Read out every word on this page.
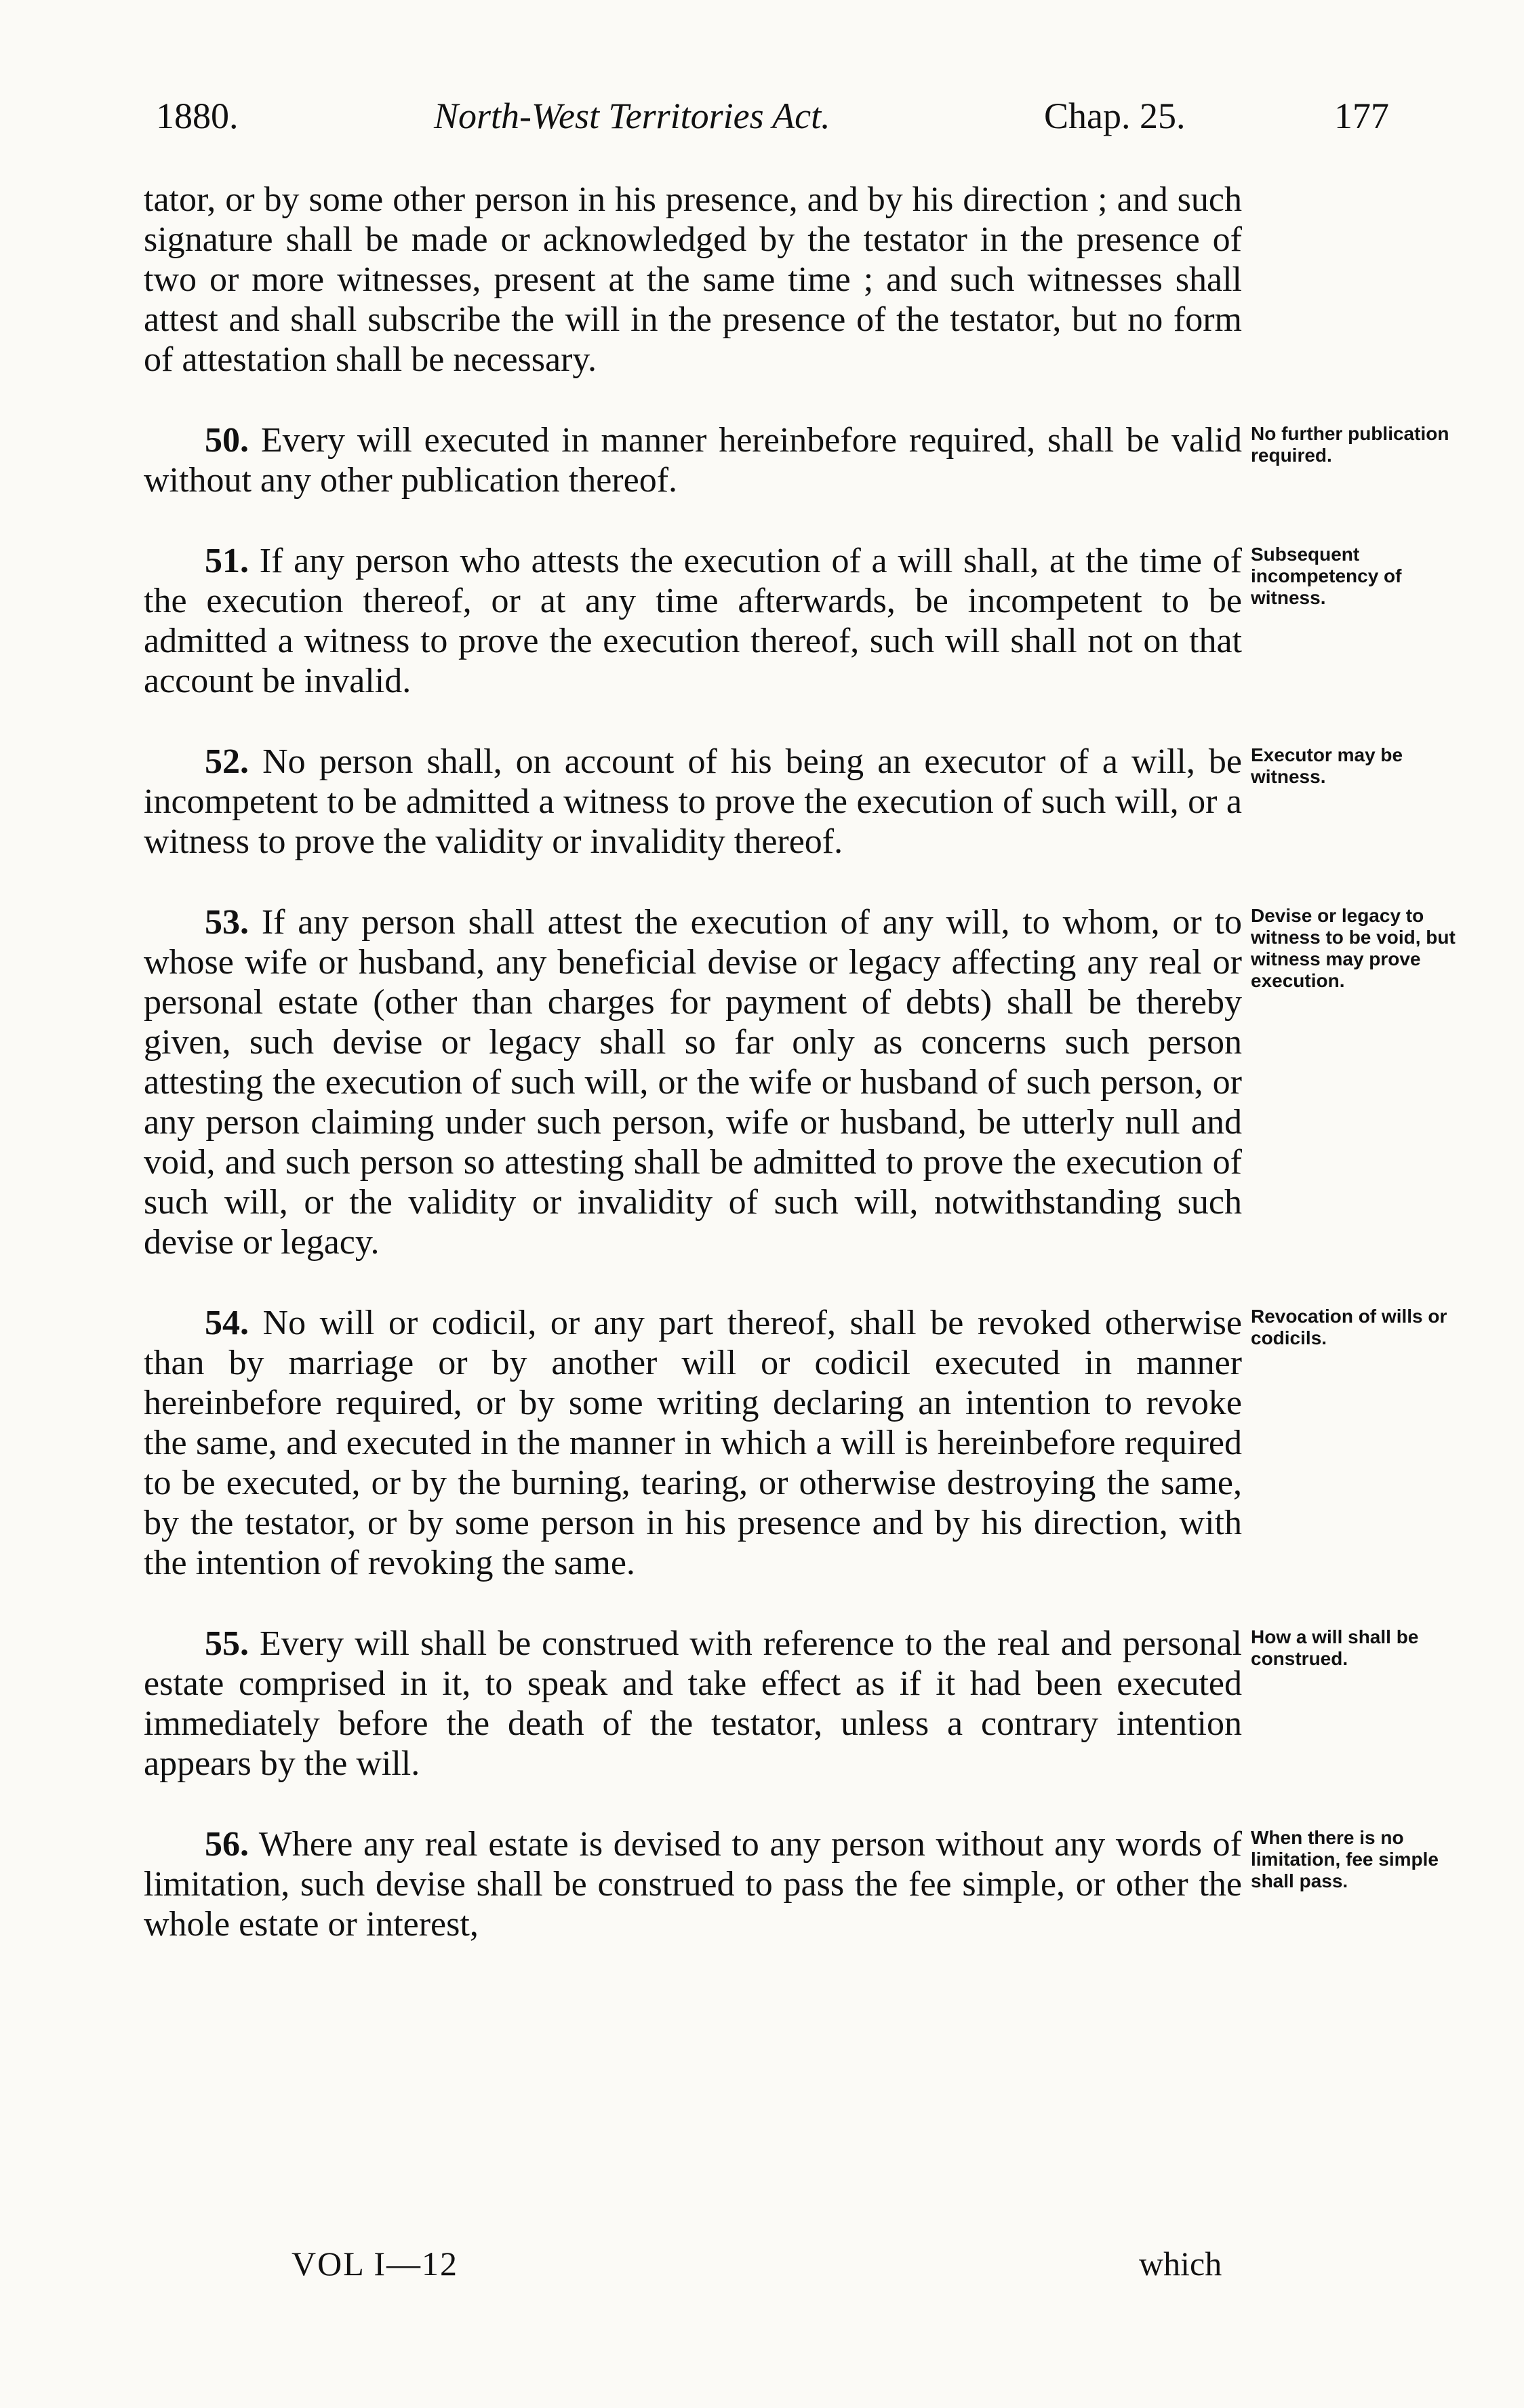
1880.	North-West Territories Act.	Chap. 25.	177

tator, or by some other person in his presence, and by his direction ; and such signature shall be made or acknowledged by the testator in the presence of two or more witnesses, present at the same time ; and such witnesses shall attest and shall subscribe the will in the presence of the testator, but no form of attestation shall be necessary.

50. Every will executed in manner hereinbefore required, shall be valid without any other publication thereof.

51. If any person who attests the execution of a will shall, at the time of the execution thereof, or at any time afterwards, be incompetent to be admitted a witness to prove the execution thereof, such will shall not on that account be invalid.

52. No person shall, on account of his being an executor of a will, be incompetent to be admitted a witness to prove the execution of such will, or a witness to prove the validity or invalidity thereof.

53. If any person shall attest the execution of any will, to whom, or to whose wife or husband, any beneficial devise or legacy affecting any real or personal estate (other than charges for payment of debts) shall be thereby given, such devise or legacy shall so far only as concerns such person attesting the execution of such will, or the wife or husband of such person, or any person claiming under such person, wife or husband, be utterly null and void, and such person so attesting shall be admitted to prove the execution of such will, or the validity or invalidity of such will, notwithstanding such devise or legacy.

54. No will or codicil, or any part thereof, shall be revoked otherwise than by marriage or by another will or codicil executed in manner hereinbefore required, or by some writing declaring an intention to revoke the same, and executed in the manner in which a will is hereinbefore required to be executed, or by the burning, tearing, or otherwise destroying the same, by the testator, or by some person in his presence and by his direction, with the intention of revoking the same.

55. Every will shall be construed with reference to the real and personal estate comprised in it, to speak and take effect as if it had been executed immediately before the death of the testator, unless a contrary intention appears by the will.

56. Where any real estate is devised to any person without any words of limitation, such devise shall be construed to pass the fee simple, or other the whole estate or interest,

No further publication required.
Subsequent incompetency of witness.
Executor may be witness.
Devise or legacy to witness to be void, but witness may prove execution.
Revocation of wills or codicils.
How a will shall be construed.
When there is no limitation, fee simple shall pass.
VOL I—12	which
